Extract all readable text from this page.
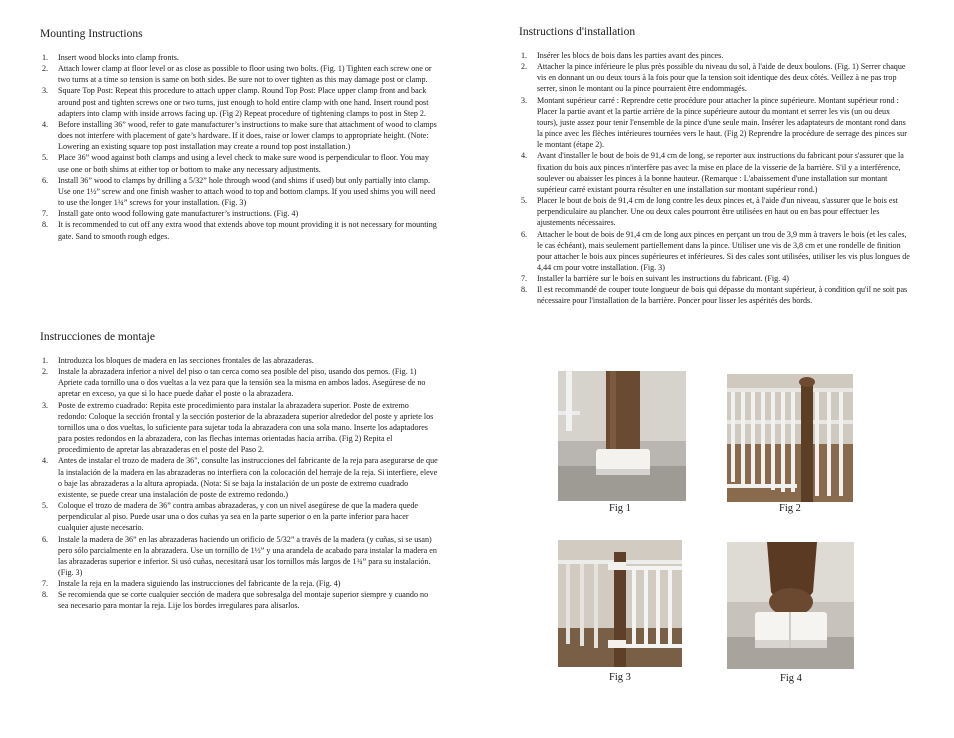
Mounting Instructions
1. Insert wood blocks into clamp fronts.
2. Attach lower clamp at floor level or as close as possible to floor using two bolts. (Fig. 1) Tighten each screw one or two turns at a time so tension is same on both sides. Be sure not to over tighten as this may damage post or clamp.
3. Square Top Post: Repeat this procedure to attach upper clamp. Round Top Post: Place upper clamp front and back around post and tighten screws one or two turns, just enough to hold entire clamp with one hand. Insert round post adapters into clamp with inside arrows facing up. (Fig 2) Repeat procedure of tightening clamps to post in Step 2.
4. Before installing 36” wood, refer to gate manufacturer’s instructions to make sure that attachment of wood to clamps does not interfere with placement of gate’s hardware. If it does, raise or lower clamps to appropriate height. (Note: Lowering an existing square top post installation may create a round top post installation.)
5. Place 36” wood against both clamps and using a level check to make sure wood is perpendicular to floor. You may use one or both shims at either top or bottom to make any necessary adjustments.
6. Install 36” wood to clamps by drilling a 5/32” hole through wood (and shims if used) but only partially into clamp. Use one 1½” screw and one finish washer to attach wood to top and bottom clamps. If you used shims you will need to use the longer 1¾” screws for your installation. (Fig. 3)
7. Install gate onto wood following gate manufacturer’s instructions. (Fig. 4)
8. It is recommended to cut off any extra wood that extends above top mount providing it is not necessary for mounting gate. Sand to smooth rough edges.
Instrucciones de montaje
1. Introduzca los bloques de madera en las secciones frontales de las abrazaderas.
2. Instale la abrazadera inferior a nivel del piso o tan cerca como sea posible del piso, usando dos pernos. (Fig. 1) Apriete cada tornillo una o dos vueltas a la vez para que la tensión sea la misma en ambos lados. Asegúrese de no apretar en exceso, ya que si lo hace puede dañar el poste o la abrazadera.
3. Poste de extremo cuadrado: Repita este procedimiento para instalar la abrazadera superior. Poste de extremo redondo: Coloque la sección frontal y la sección posterior de la abrazadera superior alrededor del poste y apriete los tornillos una o dos vueltas, lo suficiente para sujetar toda la abrazadera con una sola mano. Inserte los adaptadores para postes redondos en la abrazadera, con las flechas internas orientadas hacia arriba. (Fig 2) Repita el procedimiento de apretar las abrazaderas en el poste del Paso 2.
4. Antes de instalar el trozo de madera de 36", consulte las instrucciones del fabricante de la reja para asegurarse de que la instalación de la madera en las abrazaderas no interfiera con la colocación del herraje de la reja. Si interfiere, eleve o baje las abrazaderas a la altura apropiada. (Nota: Si se baja la instalación de un poste de extremo cuadrado existente, se puede crear una instalación de poste de extremo redondo.)
5. Coloque el trozo de madera de 36” contra ambas abrazaderas, y con un nivel asegúrese de que la madera quede perpendicular al piso. Puede usar una o dos cuñas ya sea en la parte superior o en la parte inferior para hacer cualquier ajuste necesario.
6. Instale la madera de 36” en las abrazaderas haciendo un orificio de 5/32” a través de la madera (y cuñas, si se usan) pero sólo parcialmente en la abrazadera. Use un tornillo de 1½” y una arandela de acabado para instalar la madera en las abrazaderas superior e inferior. Si usó cuñas, necesitará usar los tornillos más largos de 1¾” para su instalación. (Fig. 3)
7. Instale la reja en la madera siguiendo las instrucciones del fabricante de la reja. (Fig. 4)
8. Se recomienda que se corte cualquier sección de madera que sobresalga del montaje superior siempre y cuando no sea necesario para montar la reja. Lije los bordes irregulares para alisarlos.
Instructions d'installation
1. Insérer les blocs de bois dans les parties avant des pinces.
2. Attacher la pince inférieure le plus près possible du niveau du sol, à l'aide de deux boulons. (Fig. 1) Serrer chaque vis en donnant un ou deux tours à la fois pour que la tension soit identique des deux côtés. Veillez à ne pas trop serrer, sinon le montant ou la pince pourraient être endommagés.
3. Montant supérieur carré : Reprendre cette procédure pour attacher la pince supérieure. Montant supérieur rond : Placer la partie avant et la partie arrière de la pince supérieure autour du montant et serrer les vis (un ou deux tours), juste assez pour tenir l'ensemble de la pince d'une seule main. Insérer les adaptateurs de montant rond dans la pince avec les flèches intérieures tournées vers le haut. (Fig 2) Reprendre la procédure de serrage des pinces sur le montant (étape 2).
4. Avant d'installer le bout de bois de 91,4 cm de long, se reporter aux instructions du fabricant pour s'assurer que la fixation du bois aux pinces n'interfère pas avec la mise en place de la visserie de la barrière. S'il y a interférence, soulever ou abaisser les pinces à la bonne hauteur. (Remarque : L'abaissement d'une installation sur montant supérieur carré existant pourra résulter en une installation sur montant supérieur rond.)
5. Placer le bout de bois de 91,4 cm de long contre les deux pinces et, à l'aide d'un niveau, s'assurer que le bois est perpendiculaire au plancher. Une ou deux cales pourront être utilisées en haut ou en bas pour effectuer les ajustements nécessaires.
6. Attacher le bout de bois de 91,4 cm de long aux pinces en perçant un trou de 3,9 mm à travers le bois (et les cales, le cas échéant), mais seulement partiellement dans la pince. Utiliser une vis de 3,8 cm et une rondelle de finition pour attacher le bois aux pinces supérieures et inférieures. Si des cales sont utilisées, utiliser les vis plus longues de 4,44 cm pour votre installation. (Fig. 3)
7. Installer la barrière sur le bois en suivant les instructions du fabricant. (Fig. 4)
8. Il est recommandé de couper toute longueur de bois qui dépasse du montant supérieur, à condition qu'il ne soit pas nécessaire pour l'installation de la barrière. Poncer pour lisser les aspérités des bords.
Fig 1	Fig 2
Fig 3	Fig 4
